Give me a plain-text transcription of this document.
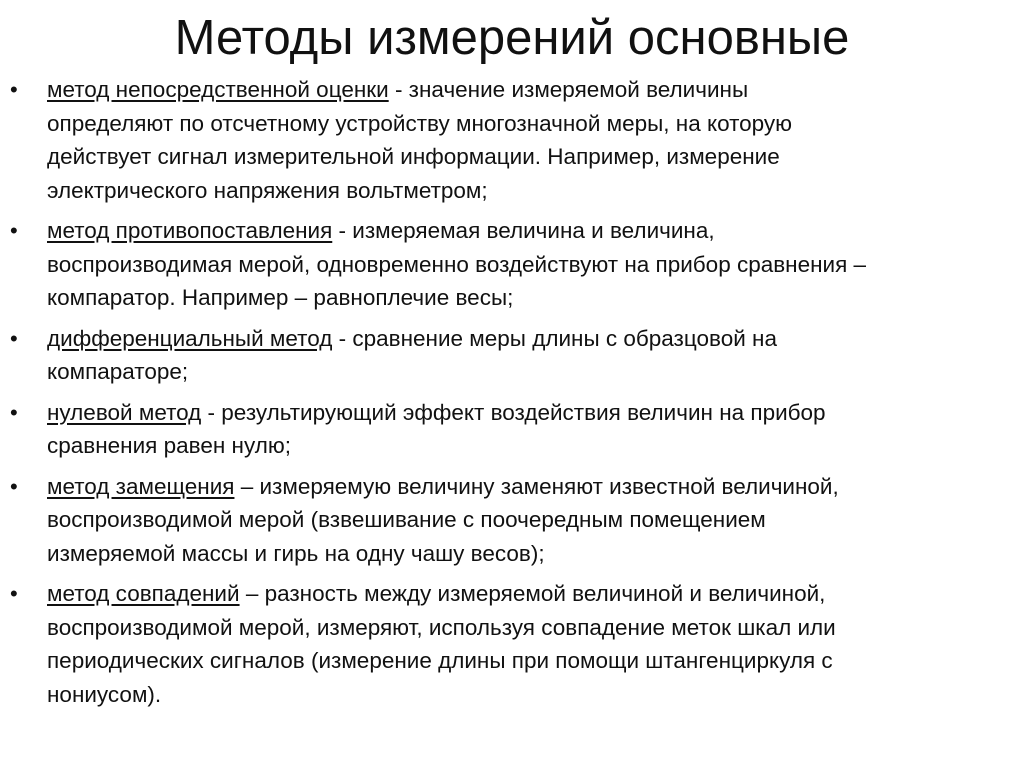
Методы измерений основные
• метод непосредственной оценки - значение измеряемой величины
определяют по отсчетному устройству многозначной меры, на которую
действует сигнал измерительной информации. Например, измерение
электрического напряжения вольтметром;
• метод противопоставления - измеряемая величина и величина,
воспроизводимая мерой, одновременно воздействуют на прибор сравнения –
компаратор. Например – равноплечие весы;
• дифференциальный метод - сравнение меры длины с образцовой на
компараторе;
• нулевой метод - результирующий эффект воздействия величин на прибор
сравнения равен нулю;
• метод замещения – измеряемую величину заменяют известной величиной,
воспроизводимой мерой (взвешивание с поочередным помещением
измеряемой массы и гирь на одну чашу весов);
• метод совпадений – разность между измеряемой величиной и величиной,
воспроизводимой мерой, измеряют, используя совпадение меток шкал или
периодических сигналов (измерение длины при помощи штангенциркуля с
нониусом).
